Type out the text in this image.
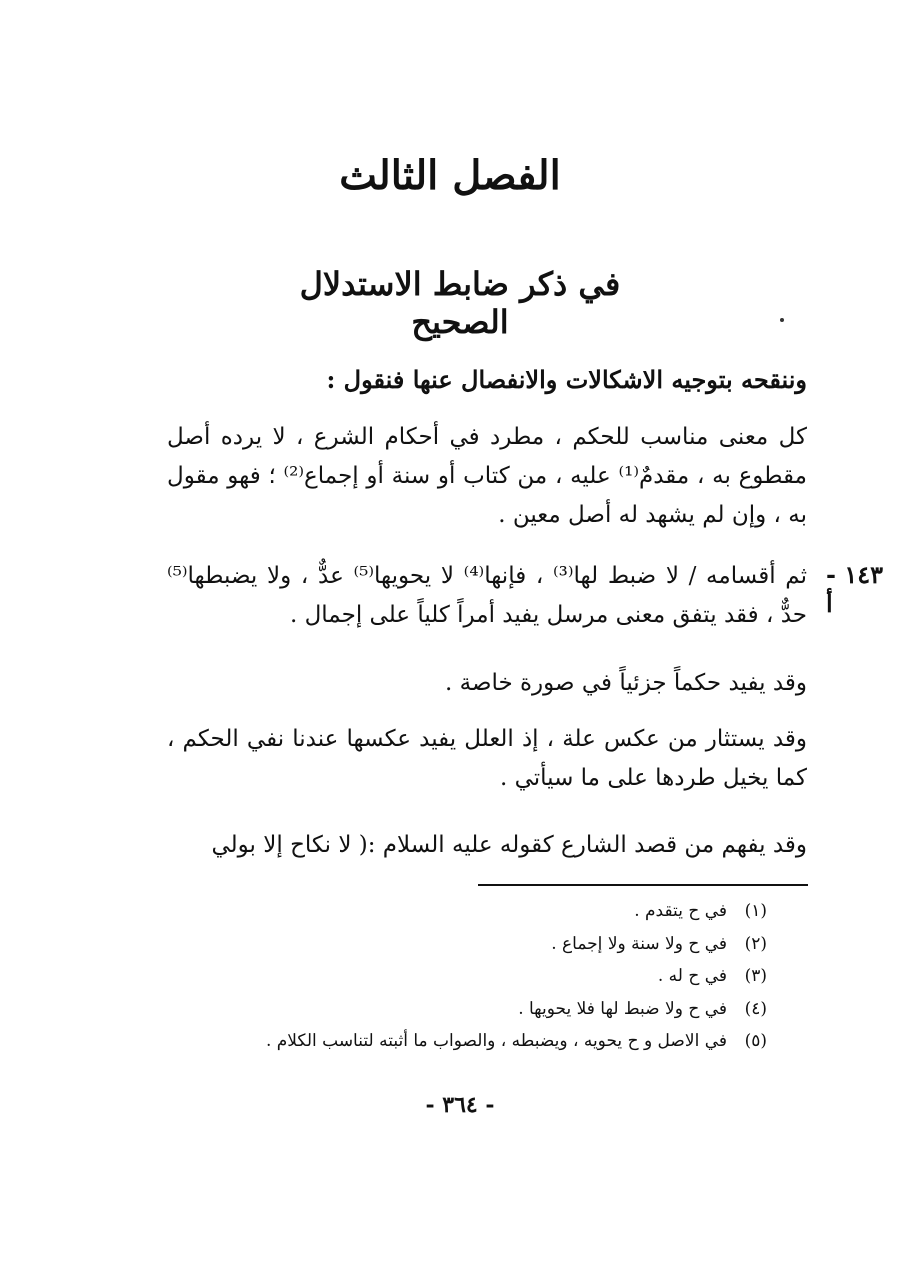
الفصل الثالث
في ذكر ضابط الاستدلال الصحيح
وننقحه بتوجيه الاشكالات والانفصال عنها فنقول :
كل معنى مناسب للحكم ، مطرد في أحكام الشرع ، لا يرده أصل مقطوع به ، مقدمٌ⁽¹⁾ عليه ، من كتاب أو سنة أو إجماع⁽²⁾ ؛ فهو مقول به ، وإن لم يشهد له أصل معين .
ثم أقسامه / لا ضبط لها⁽³⁾ ، فإنها⁽⁴⁾ لا يحويها⁽⁵⁾ عدٌّ ، ولا يضبطها⁽⁵⁾ حدٌّ ، فقد يتفق معنى مرسل يفيد أمراً كلياً على إجمال .
وقد يفيد حكماً جزئياً في صورة خاصة .
وقد يستثار من عكس علة ، إذ العلل يفيد عكسها عندنا نفي الحكم ، كما يخيل طردها على ما سيأتي .
وقد يفهم من قصد الشارع كقوله عليه السلام :( لا نكاح إلا بولي
١٤٣ - أ
(١)
في ح يتقدم .
(٢)
في ح ولا سنة ولا إجماع .
(٣)
في ح له .
(٤)
في ح ولا ضبط لها فلا يحويها .
(٥)
في الاصل و ح يحويه ، ويضبطه ، والصواب ما أثبته لتناسب الكلام .
- ٣٦٤ -
